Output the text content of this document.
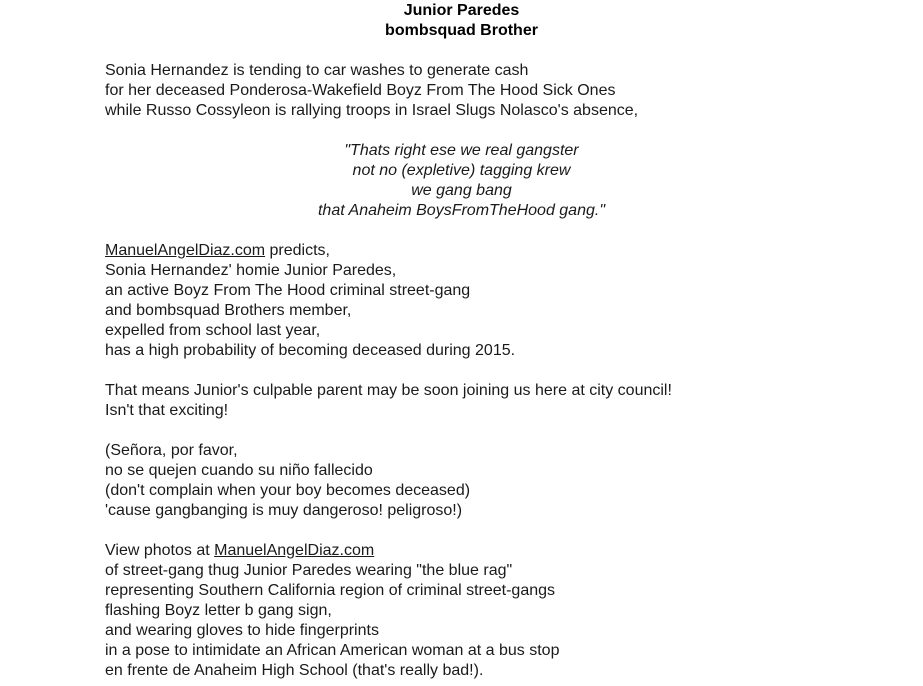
Junior Paredes
bombsquad Brother

Sonia Hernandez is tending to car washes to generate cash
for her deceased Ponderosa-Wakefield Boyz From The Hood Sick Ones
while Russo Cossyleon is rallying troops in Israel Slugs Nolasco's absence,

"Thats right ese we real gangster
not no (expletive) tagging krew
we gang bang
that Anaheim BoysFromTheHood gang."

ManuelAngelDiaz.com predicts,
Sonia Hernandez' homie Junior Paredes,
an active Boyz From The Hood criminal street-gang
and bombsquad Brothers member,
expelled from school last year,
has a high probability of becoming deceased during 2015.

That means Junior's culpable parent may be soon joining us here at city council!
Isn't that exciting!

(Señora, por favor,
no se quejen cuando su niño fallecido
(don't complain when your boy becomes deceased)
'cause gangbanging is muy dangeroso! peligroso!)

View photos at ManuelAngelDiaz.com
of street-gang thug Junior Paredes wearing "the blue rag"
representing Southern California region of criminal street-gangs
flashing Boyz letter b gang sign,
and wearing gloves to hide fingerprints
in a pose to intimidate an African American woman at a bus stop
en frente de Anaheim High School (that's really bad!).
